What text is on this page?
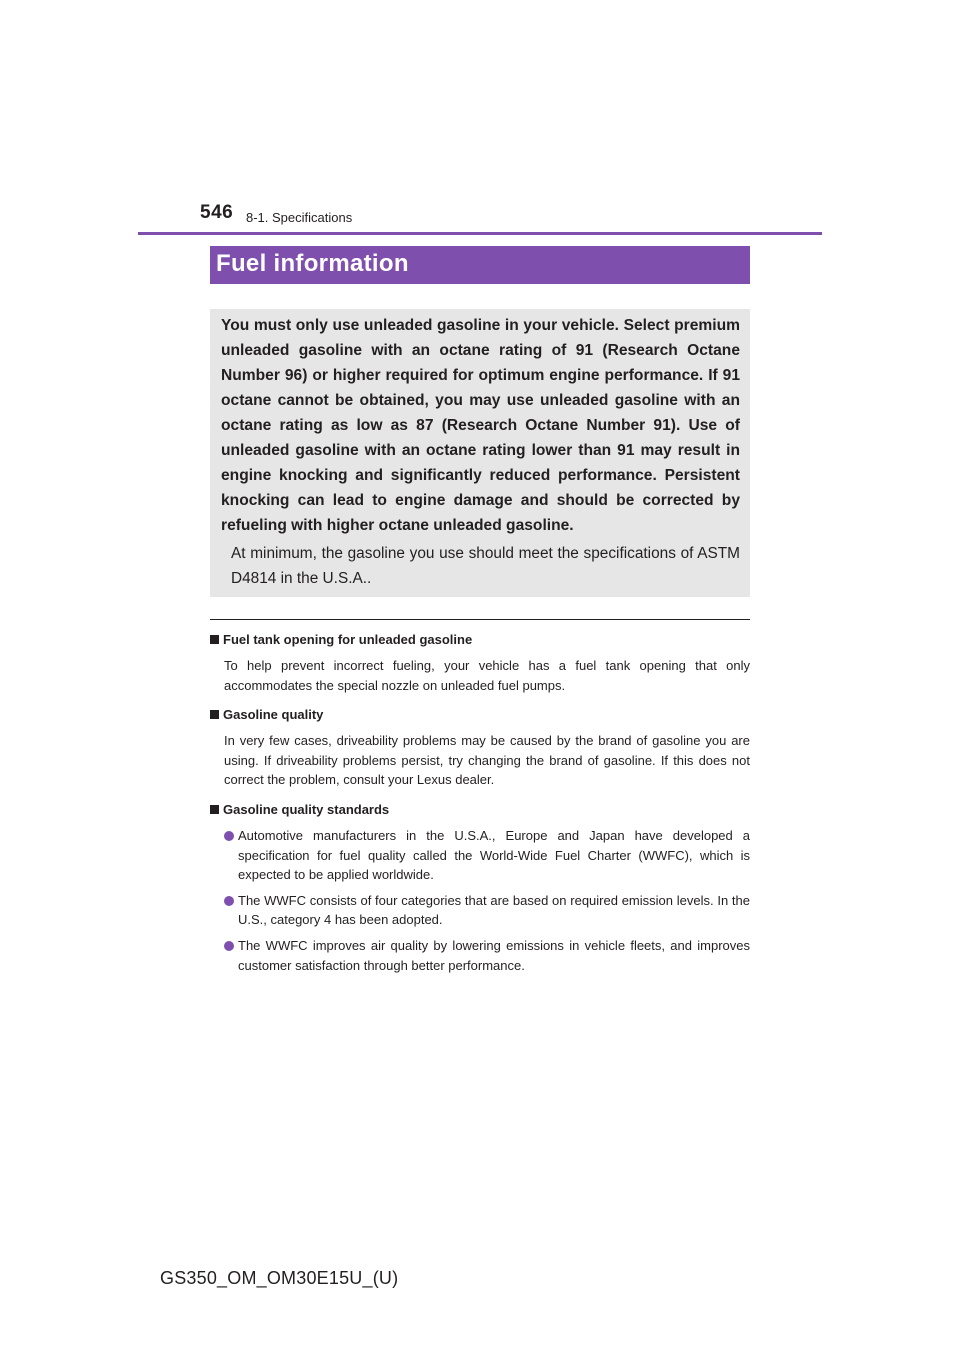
546 8-1. Specifications
Fuel information
You must only use unleaded gasoline in your vehicle. Select premium unleaded gasoline with an octane rating of 91 (Research Octane Number 96) or higher required for optimum engine performance. If 91 octane cannot be obtained, you may use unleaded gasoline with an octane rating as low as 87 (Research Octane Number 91). Use of unleaded gasoline with an octane rating lower than 91 may result in engine knocking and significantly reduced performance. Persistent knocking can lead to engine damage and should be corrected by refueling with higher octane unleaded gasoline.
At minimum, the gasoline you use should meet the specifications of ASTM D4814 in the U.S.A..
Fuel tank opening for unleaded gasoline

To help prevent incorrect fueling, your vehicle has a fuel tank opening that only accommodates the special nozzle on unleaded fuel pumps.

Gasoline quality

In very few cases, driveability problems may be caused by the brand of gasoline you are using. If driveability problems persist, try changing the brand of gasoline. If this does not correct the problem, consult your Lexus dealer.

Gasoline quality standards
Automotive manufacturers in the U.S.A., Europe and Japan have developed a specification for fuel quality called the World-Wide Fuel Charter (WWFC), which is expected to be applied worldwide.
The WWFC consists of four categories that are based on required emission levels. In the U.S., category 4 has been adopted.
The WWFC improves air quality by lowering emissions in vehicle fleets, and improves customer satisfaction through better performance.
GS350_OM_OM30E15U_(U)
